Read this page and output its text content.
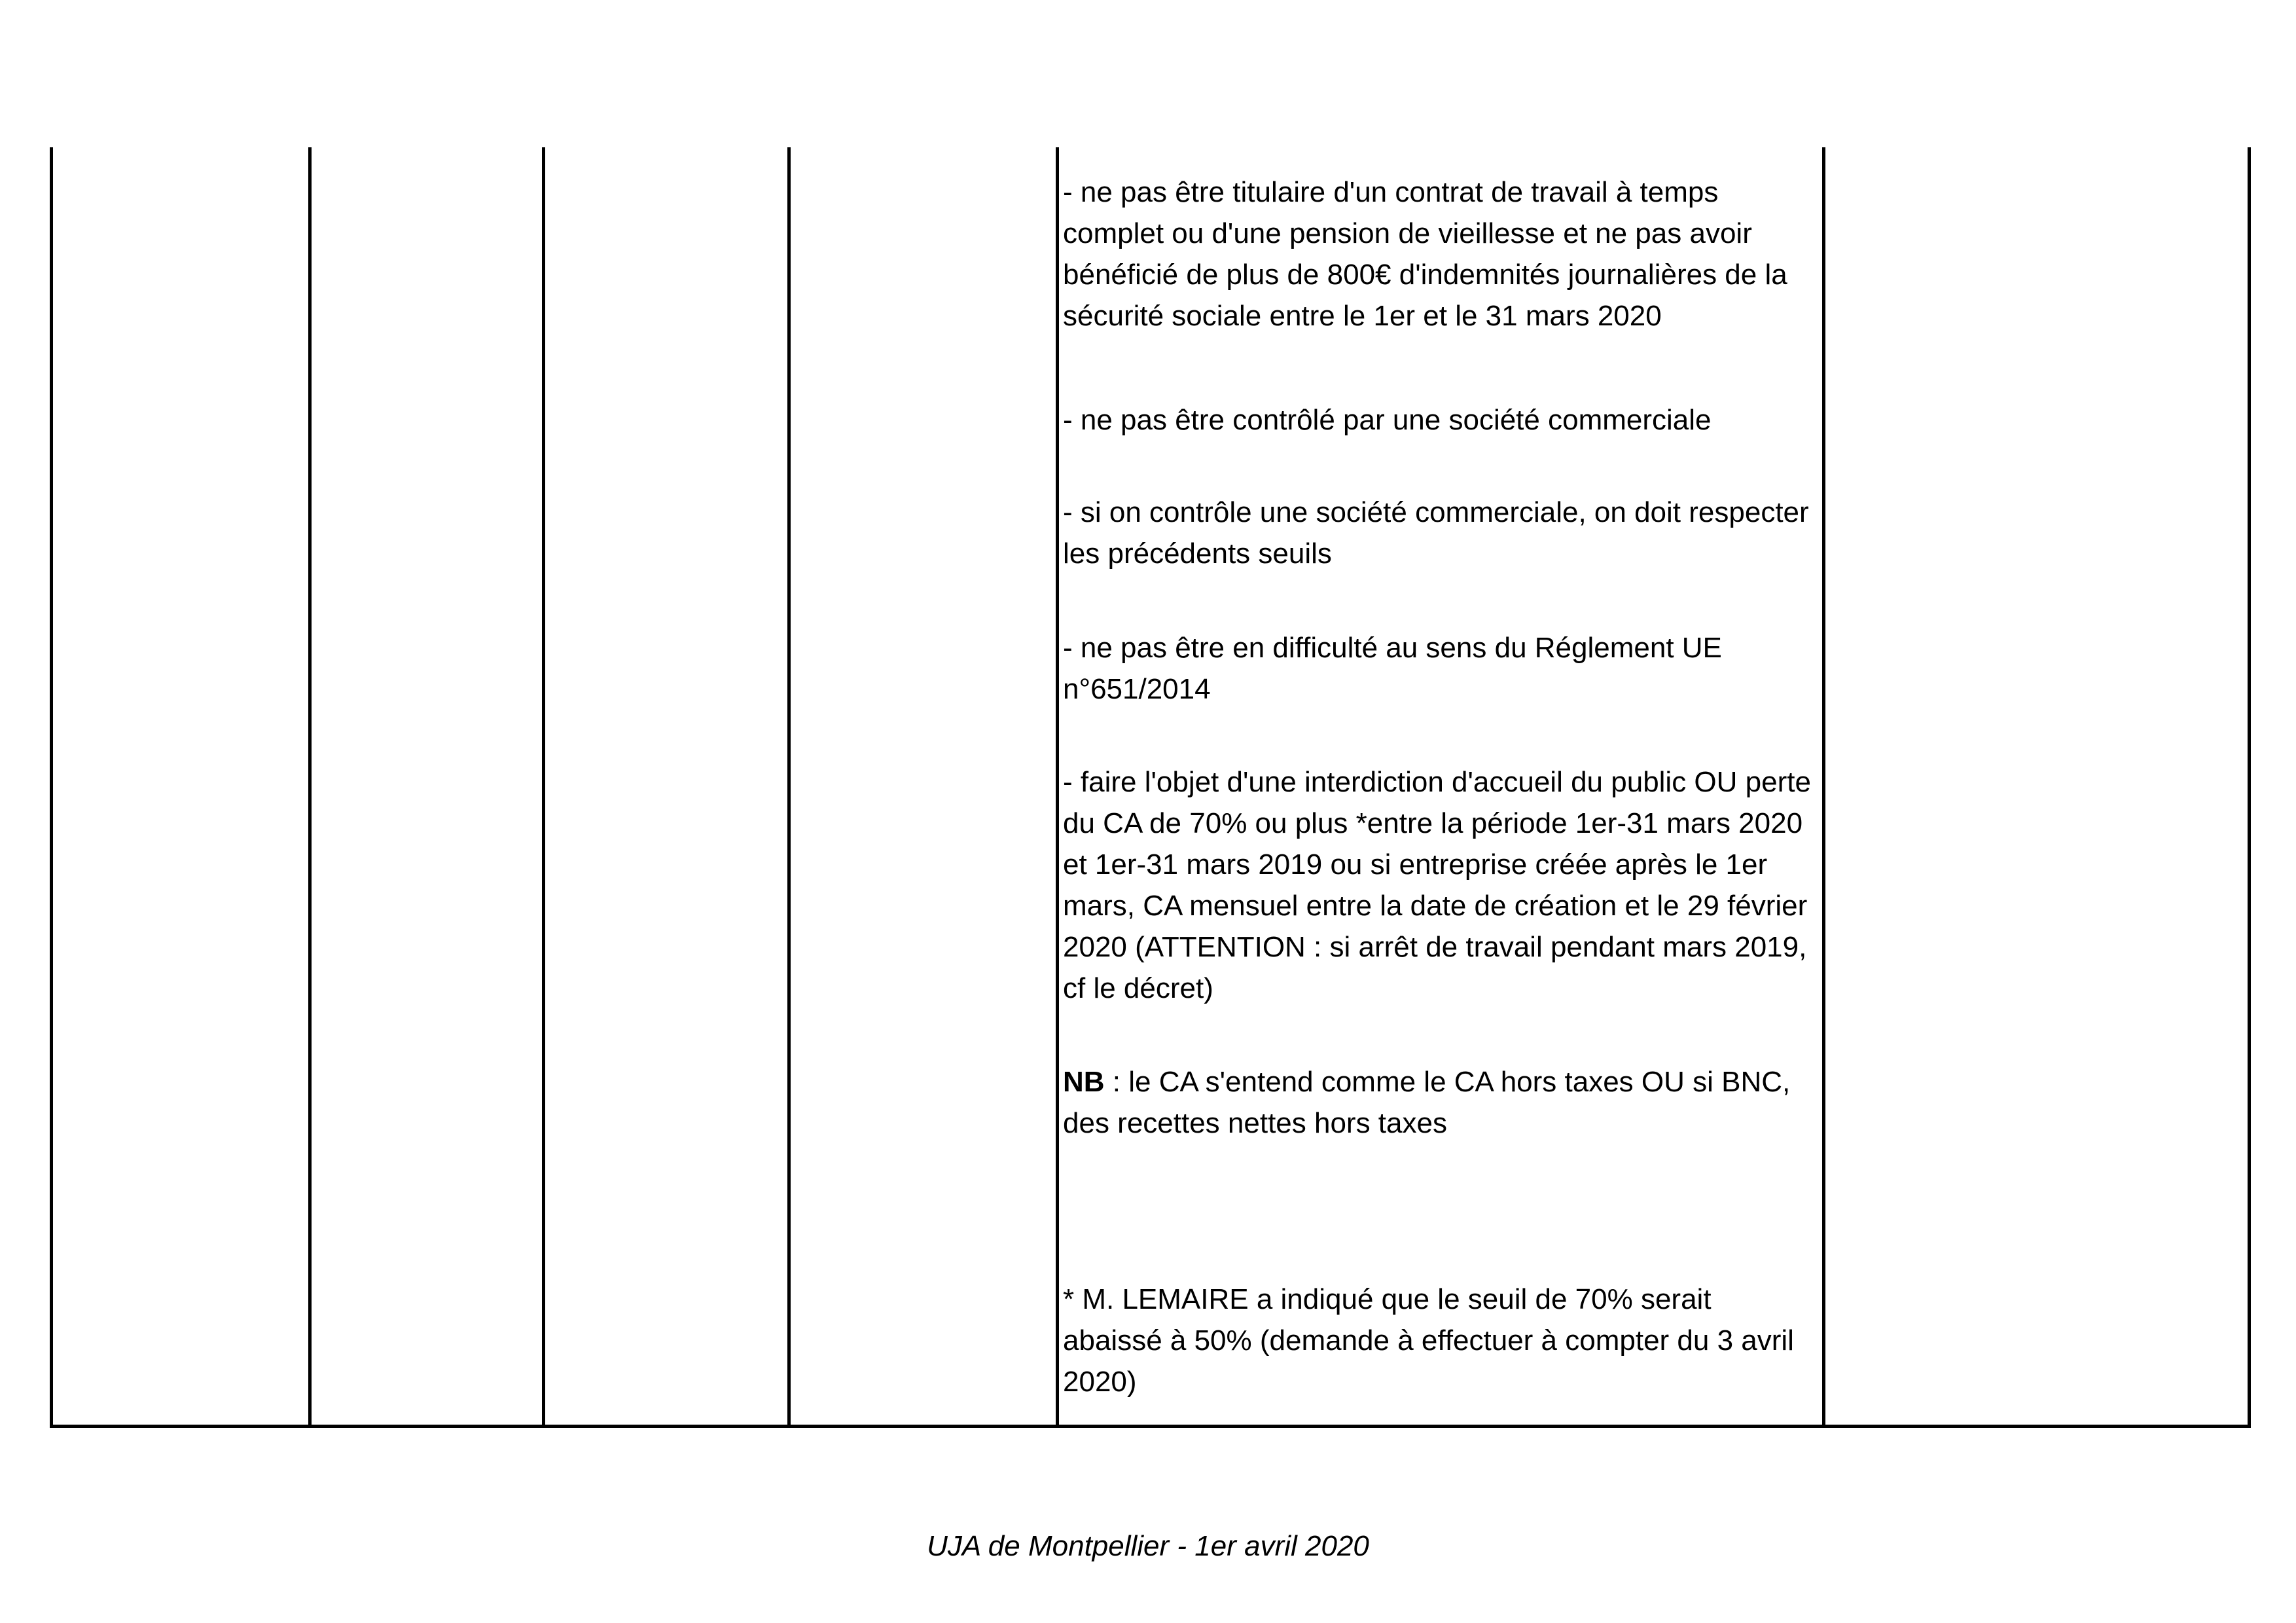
- ne pas être titulaire d'un contrat de travail à temps complet ou d'une pension de vieillesse et ne pas avoir bénéficié de plus de 800€ d'indemnités journalières de la sécurité sociale entre le 1er et le 31 mars 2020

- ne pas être contrôlé par une société commerciale

- si on contrôle une société commerciale, on doit respecter les précédents seuils

- ne pas être en difficulté au sens du Réglement UE n°651/2014

- faire l'objet d'une interdiction d'accueil du public OU perte du CA de 70% ou plus *entre la période 1er-31 mars 2020 et 1er-31 mars 2019 ou si entreprise créée après le 1er mars, CA mensuel entre la date de création et le 29 février 2020 (ATTENTION : si arrêt de travail pendant mars 2019, cf le décret)

NB : le CA s'entend comme le CA hors taxes OU si BNC, des recettes nettes hors taxes

* M. LEMAIRE a indiqué que le seuil de 70% serait abaissé à 50% (demande à effectuer à compter du 3 avril 2020)

UJA de Montpellier - 1er avril 2020
